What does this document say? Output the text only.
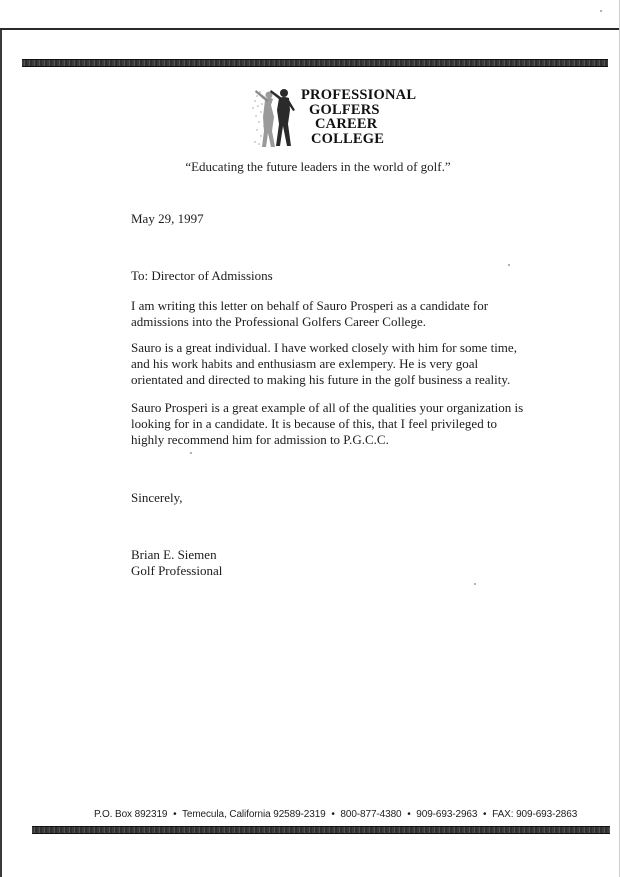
PROFESSIONAL
GOLFERS
CAREER
COLLEGE
“Educating the future leaders in the world of golf.”
May 29, 1997
To: Director of Admissions
I am writing this letter on behalf of Sauro Prosperi as a candidate for
admissions into the Professional Golfers Career College.
Sauro is a great individual. I have worked closely with him for some time,
and his work habits and enthusiasm are exlempery. He is very goal
orientated and directed to making his future in the golf business a reality.
Sauro Prosperi is a great example of all of the qualities your organization is
looking for in a candidate. It is because of this, that I feel privileged to
highly recommend him for admission to P.G.C.C.
Sincerely,
Brian E. Siemen
Golf Professional
P.O. Box 892319 • Temecula, California 92589-2319 • 800-877-4380 • 909-693-2963 • FAX: 909-693-2863
